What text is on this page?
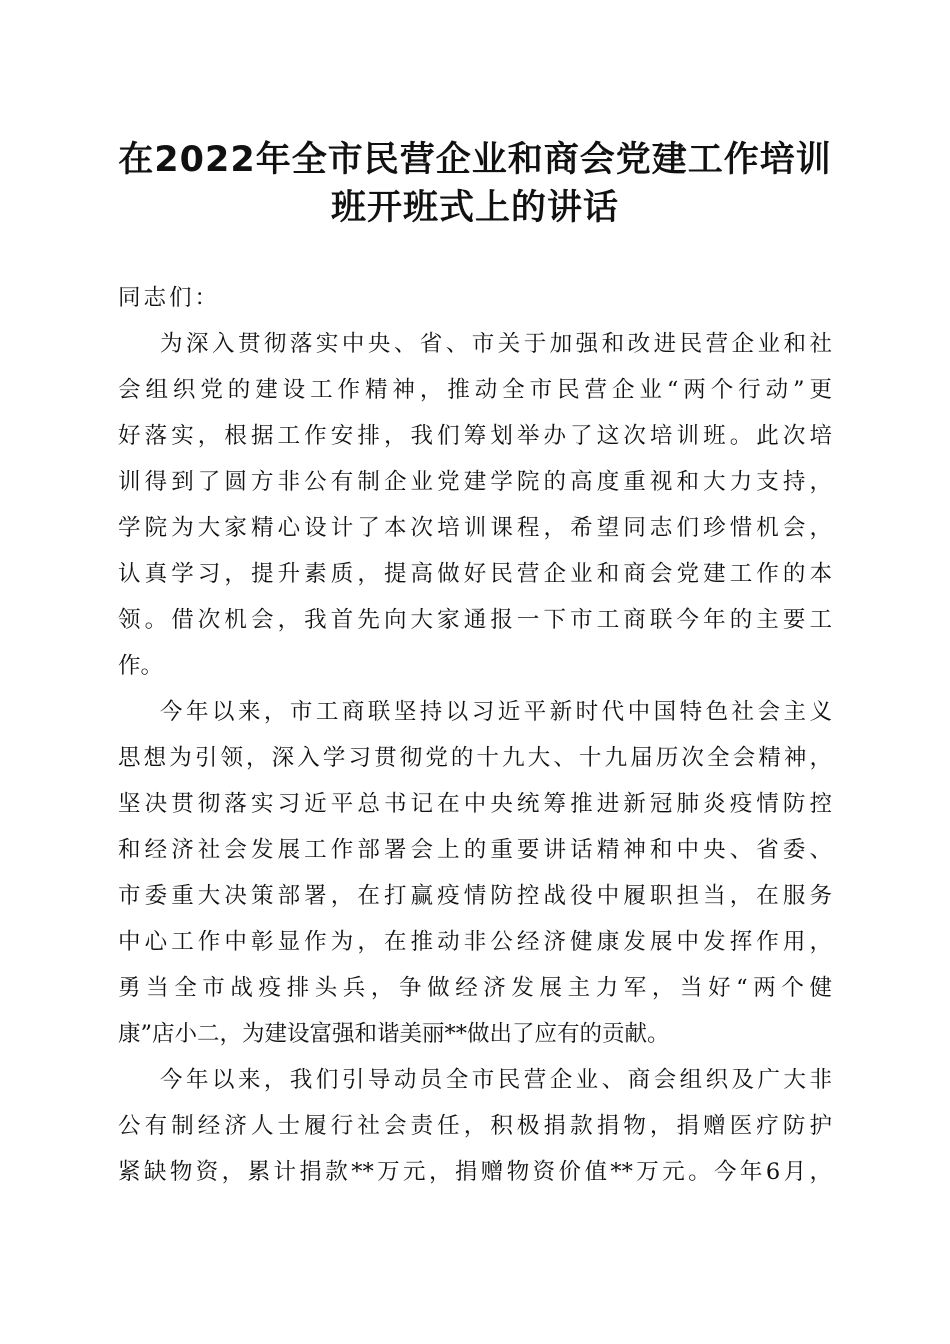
在2022年全市民营企业和商会党建工作培训
班开班式上的讲话

同志们：

为深入贯彻落实中央、省、市关于加强和改进民营企业和社
会组织党的建设工作精神，推动全市民营企业“两个行动”更
好落实，根据工作安排，我们筹划举办了这次培训班。此次培
训得到了圆方非公有制企业党建学院的高度重视和大力支持，
学院为大家精心设计了本次培训课程，希望同志们珍惜机会，
认真学习，提升素质，提高做好民营企业和商会党建工作的本
领。借次机会，我首先向大家通报一下市工商联今年的主要工
作。
今年以来，市工商联坚持以习近平新时代中国特色社会主义
思想为引领，深入学习贯彻党的十九大、十九届历次全会精神，
坚决贯彻落实习近平总书记在中央统筹推进新冠肺炎疫情防控
和经济社会发展工作部署会上的重要讲话精神和中央、省委、
市委重大决策部署，在打赢疫情防控战役中履职担当，在服务
中心工作中彰显作为，在推动非公经济健康发展中发挥作用，
勇当全市战疫排头兵，争做经济发展主力军，当好“两个健
康”店小二，为建设富强和谐美丽**做出了应有的贡献。
今年以来，我们引导动员全市民营企业、商会组织及广大非
公有制经济人士履行社会责任，积极捐款捐物，捐赠医疗防护
紧缺物资，累计捐款**万元，捐赠物资价值**万元。今年6月，
